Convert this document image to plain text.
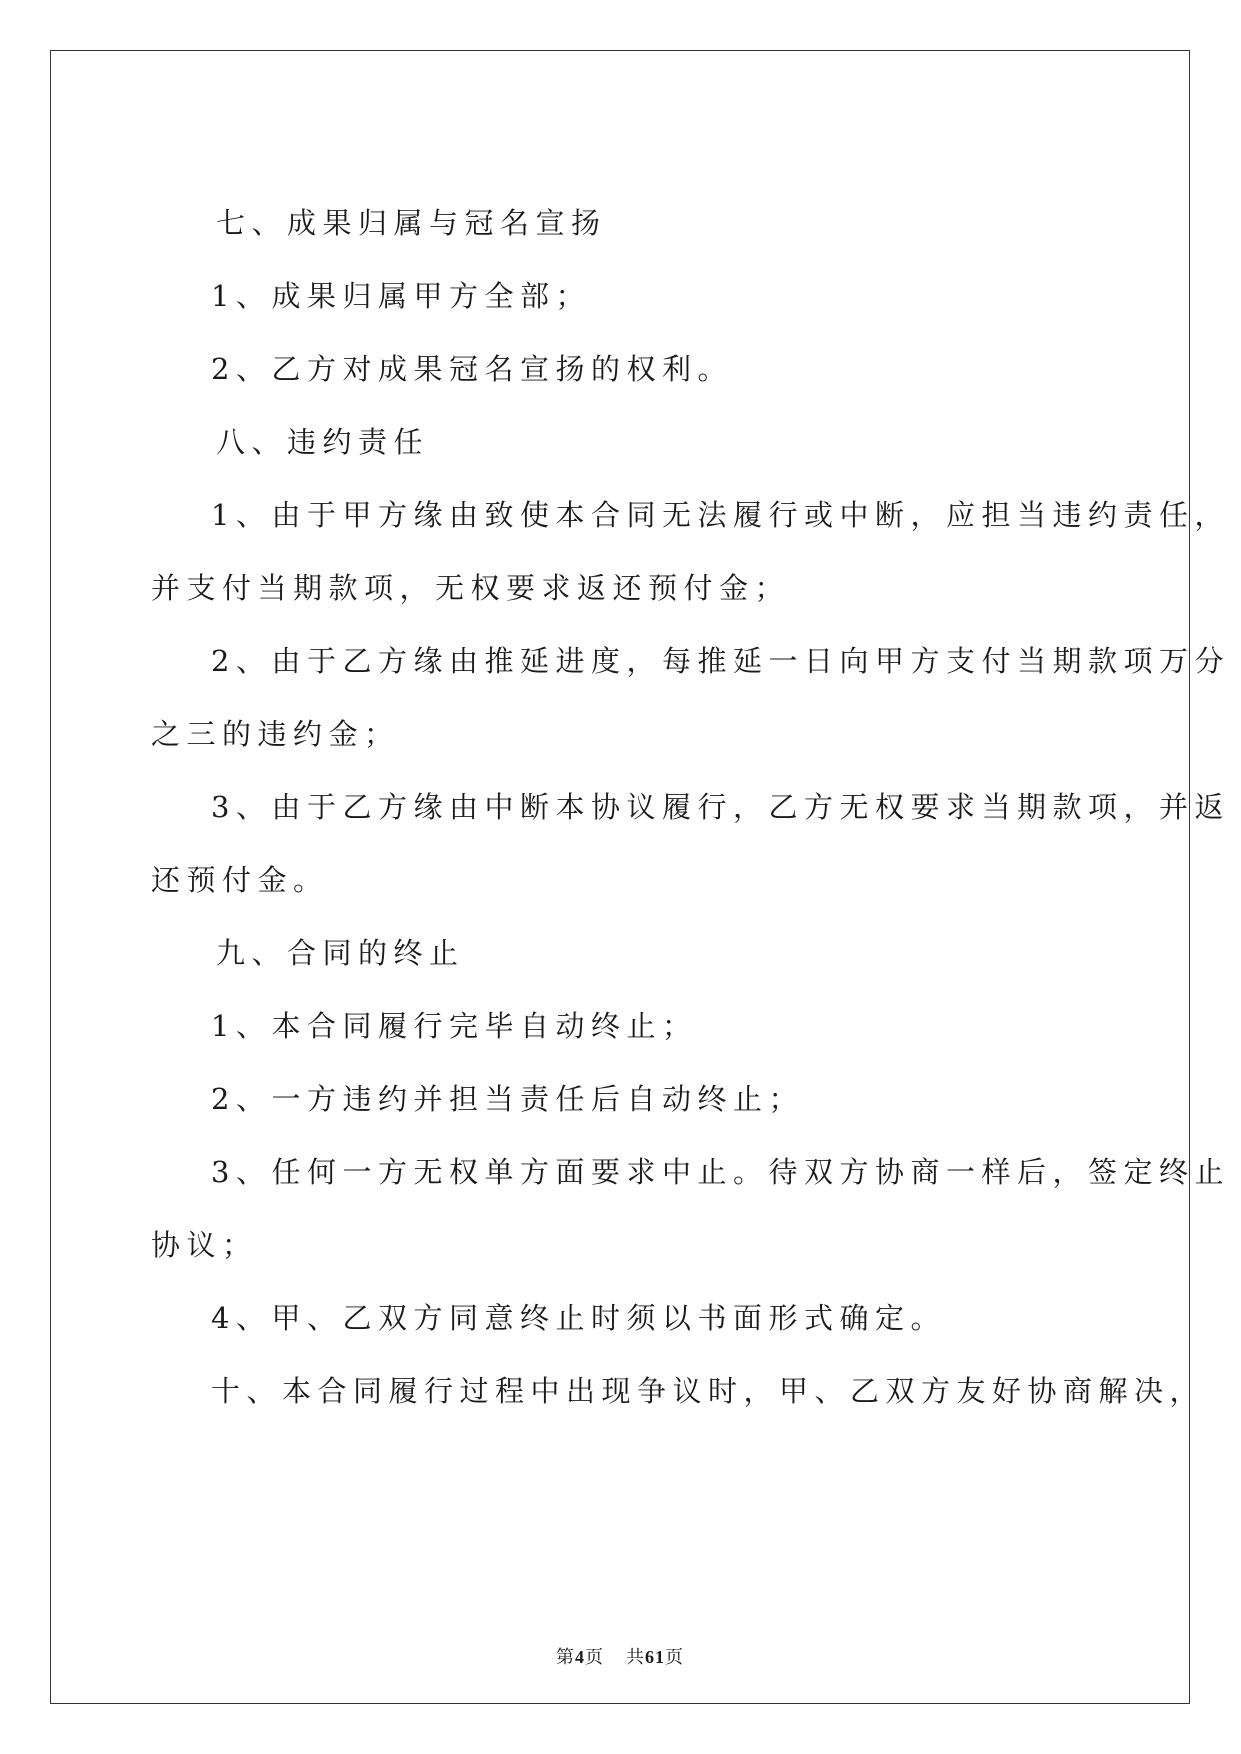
七、成果归属与冠名宣扬
1、成果归属甲方全部；
2、乙方对成果冠名宣扬的权利。
八、违约责任
1、由于甲方缘由致使本合同无法履行或中断，应担当违约责任，
并支付当期款项，无权要求返还预付金；
2、由于乙方缘由推延进度，每推延一日向甲方支付当期款项万分
之三的违约金；
3、由于乙方缘由中断本协议履行，乙方无权要求当期款项，并返
还预付金。
九、合同的终止
1、本合同履行完毕自动终止；
2、一方违约并担当责任后自动终止；
3、任何一方无权单方面要求中止。待双方协商一样后，签定终止
协议；
4、甲、乙双方同意终止时须以书面形式确定。
十、本合同履行过程中出现争议时，甲、乙双方友好协商解决，
第4页 共61页
